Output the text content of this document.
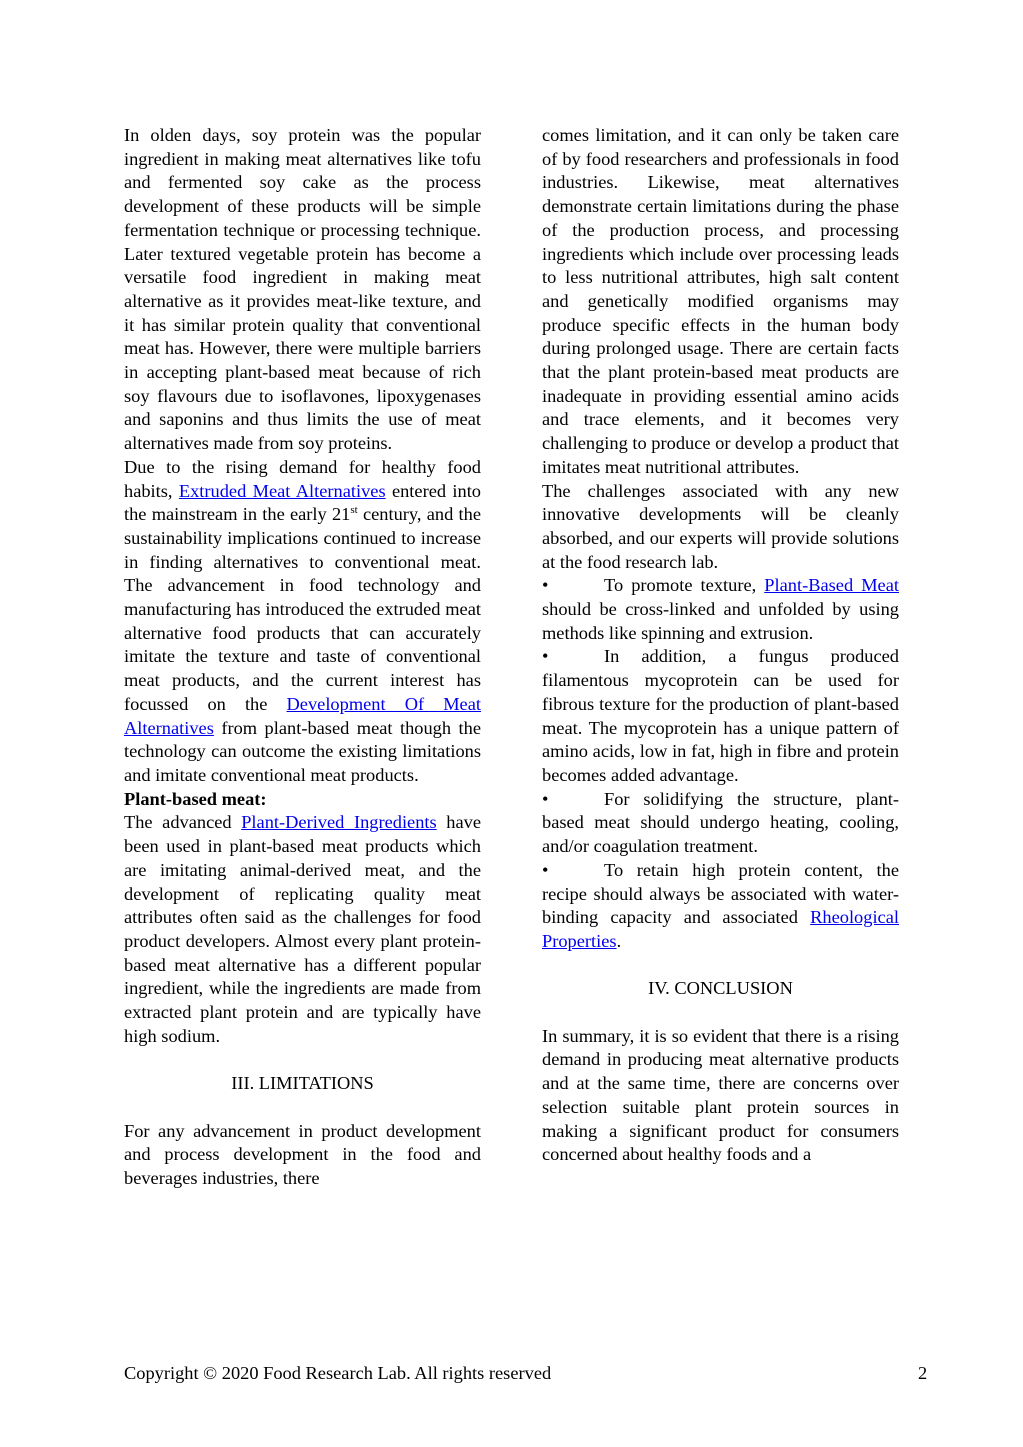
In olden days, soy protein was the popular ingredient in making meat alternatives like tofu and fermented soy cake as the process development of these products will be simple fermentation technique or processing technique. Later textured vegetable protein has become a versatile food ingredient in making meat alternative as it provides meat-like texture, and it has similar protein quality that conventional meat has. However, there were multiple barriers in accepting plant-based meat because of rich soy flavours due to isoflavones, lipoxygenases and saponins and thus limits the use of meat alternatives made from soy proteins.

Due to the rising demand for healthy food habits, Extruded Meat Alternatives entered into the mainstream in the early 21st century, and the sustainability implications continued to increase in finding alternatives to conventional meat. The advancement in food technology and manufacturing has introduced the extruded meat alternative food products that can accurately imitate the texture and taste of conventional meat products, and the current interest has focussed on the Development Of Meat Alternatives from plant-based meat though the technology can outcome the existing limitations and imitate conventional meat products.

Plant-based meat:

The advanced Plant-Derived Ingredients have been used in plant-based meat products which are imitating animal-derived meat, and the development of replicating quality meat attributes often said as the challenges for food product developers. Almost every plant protein-based meat alternative has a different popular ingredient, while the ingredients are made from extracted plant protein and are typically have high sodium.

III. LIMITATIONS

For any advancement in product development and process development in the food and beverages industries, there

comes limitation, and it can only be taken care of by food researchers and professionals in food industries. Likewise, meat alternatives demonstrate certain limitations during the phase of the production process, and processing ingredients which include over processing leads to less nutritional attributes, high salt content and genetically modified organisms may produce specific effects in the human body during prolonged usage. There are certain facts that the plant protein-based meat products are inadequate in providing essential amino acids and trace elements, and it becomes very challenging to produce or develop a product that imitates meat nutritional attributes.

The challenges associated with any new innovative developments will be cleanly absorbed, and our experts will provide solutions at the food research lab.

•	To promote texture, Plant-Based Meat should be cross-linked and unfolded by using methods like spinning and extrusion.

•	In addition, a fungus produced filamentous mycoprotein can be used for fibrous texture for the production of plant-based meat. The mycoprotein has a unique pattern of amino acids, low in fat, high in fibre and protein becomes added advantage.

•	For solidifying the structure, plant-based meat should undergo heating, cooling, and/or coagulation treatment.

•	To retain high protein content, the recipe should always be associated with water-binding capacity and associated Rheological Properties.

IV. CONCLUSION

In summary, it is so evident that there is a rising demand in producing meat alternative products and at the same time, there are concerns over selection suitable plant protein sources in making a significant product for consumers concerned about healthy foods and a

Copyright © 2020 Food Research Lab. All rights reserved	2
